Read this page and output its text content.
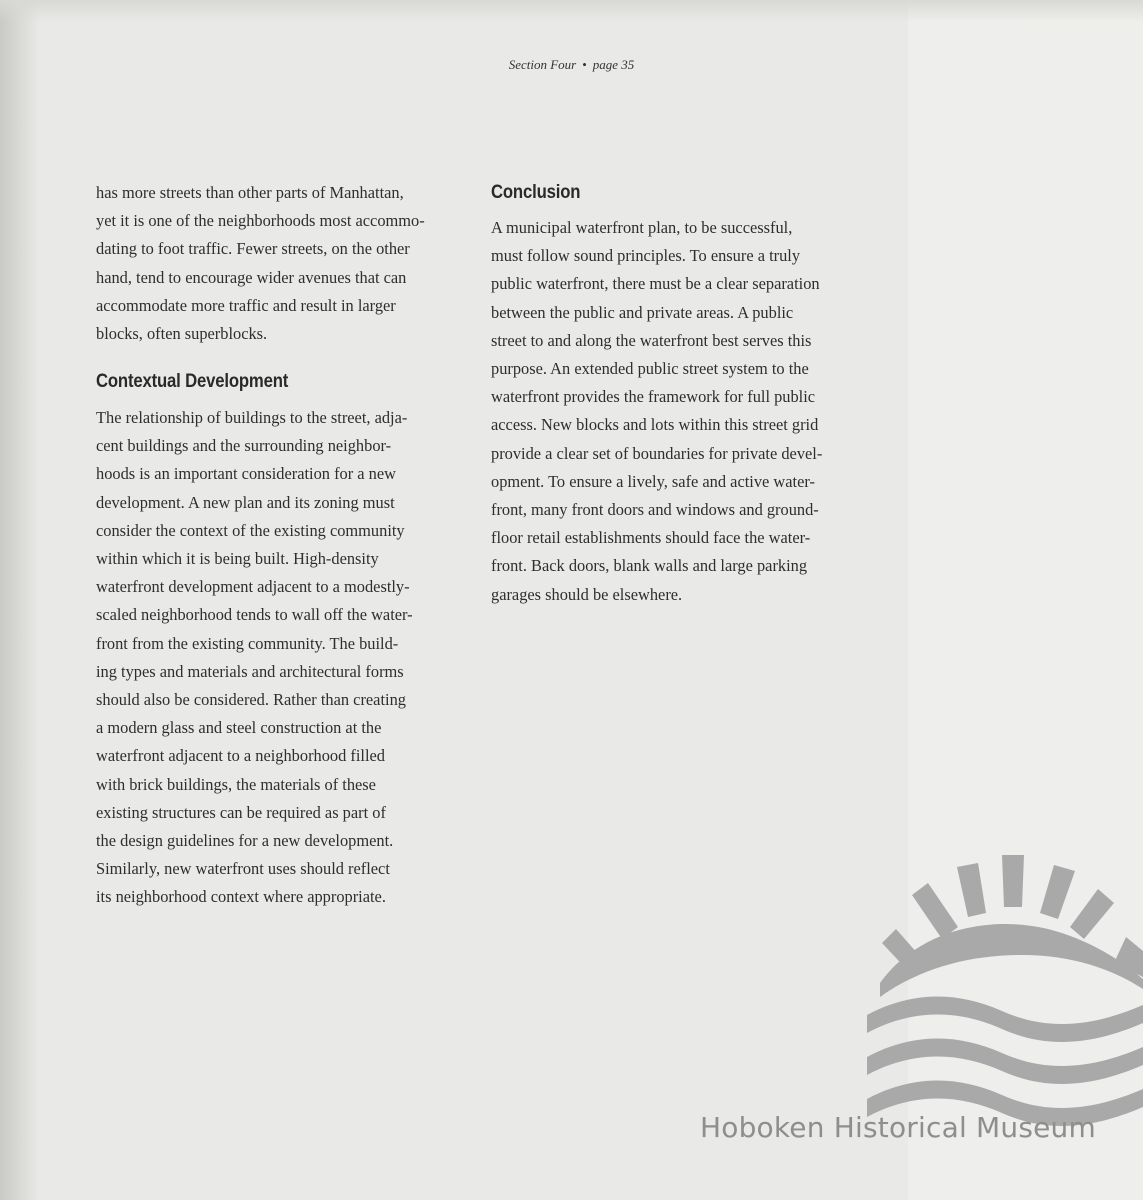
Section Four • page 35
has more streets than other parts of Manhattan,
yet it is one of the neighborhoods most accommo-
dating to foot traffic. Fewer streets, on the other
hand, tend to encourage wider avenues that can
accommodate more traffic and result in larger
blocks, often superblocks.
Contextual Development
The relationship of buildings to the street, adja-
cent buildings and the surrounding neighbor-
hoods is an important consideration for a new
development. A new plan and its zoning must
consider the context of the existing community
within which it is being built. High-density
waterfront development adjacent to a modestly-
scaled neighborhood tends to wall off the water-
front from the existing community. The build-
ing types and materials and architectural forms
should also be considered. Rather than creating
a modern glass and steel construction at the
waterfront adjacent to a neighborhood filled
with brick buildings, the materials of these
existing structures can be required as part of
the design guidelines for a new development.
Similarly, new waterfront uses should reflect
its neighborhood context where appropriate.
Conclusion
A municipal waterfront plan, to be successful,
must follow sound principles. To ensure a truly
public waterfront, there must be a clear separation
between the public and private areas. A public
street to and along the waterfront best serves this
purpose. An extended public street system to the
waterfront provides the framework for full public
access. New blocks and lots within this street grid
provide a clear set of boundaries for private devel-
opment. To ensure a lively, safe and active water-
front, many front doors and windows and ground-
floor retail establishments should face the water-
front. Back doors, blank walls and large parking
garages should be elsewhere.
Hoboken Historical Museum
